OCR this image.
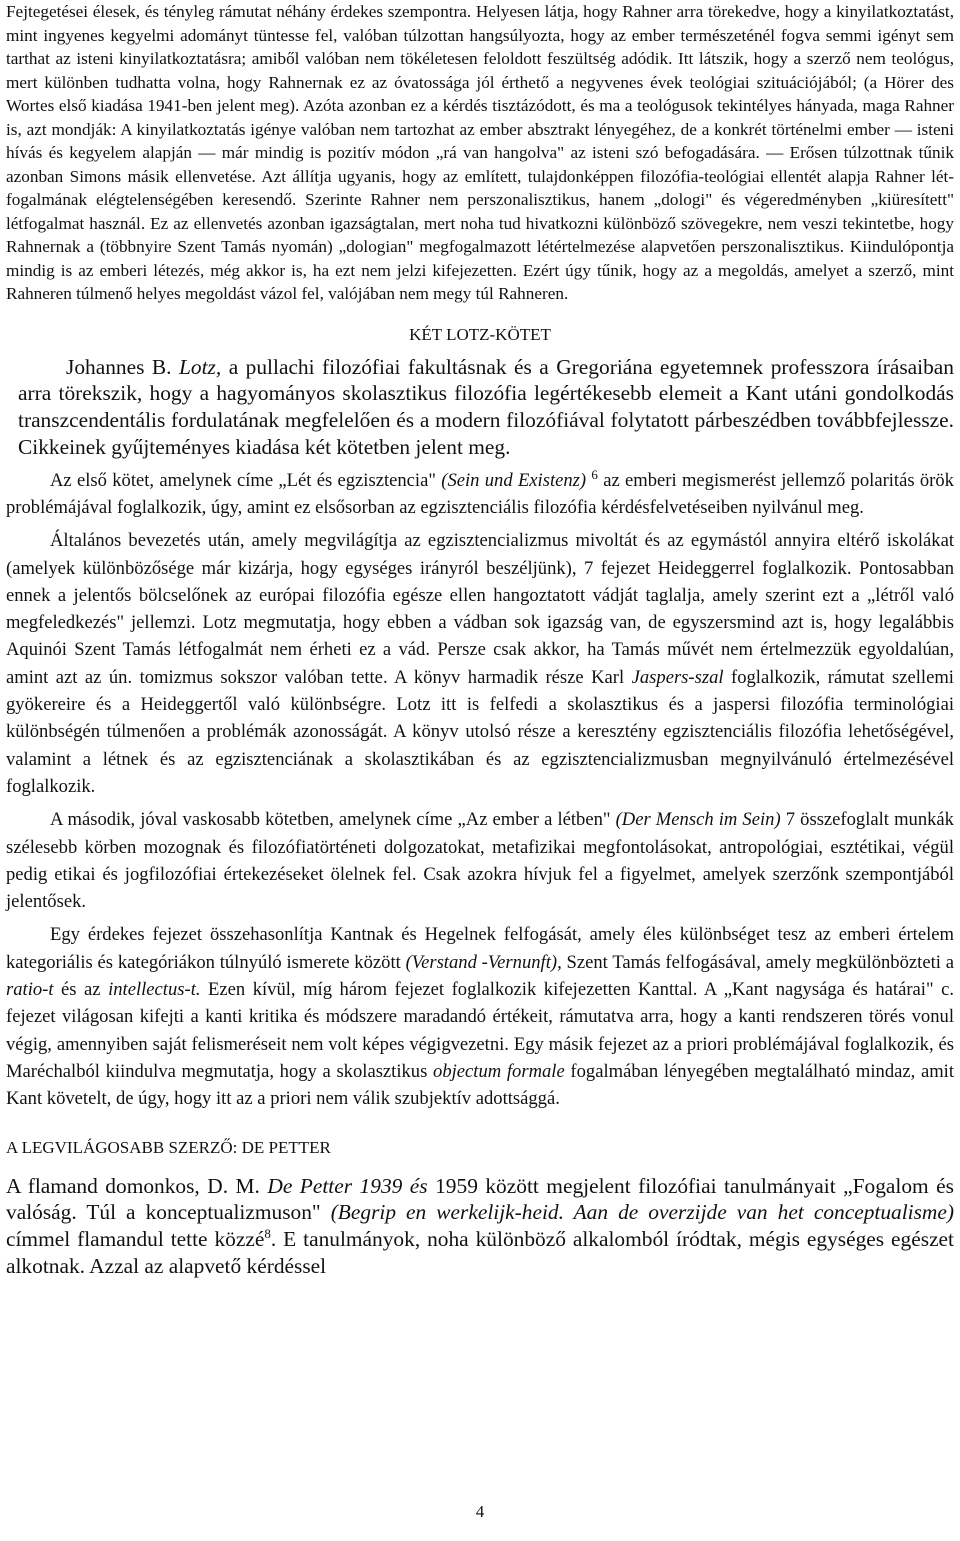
Fejtegetései élesek, és tényleg rámutat néhány érdekes szempontra. Helyesen látja, hogy Rahner arra törekedve, hogy a kinyilatkoztatást, mint ingyenes kegyelmi adományt tüntesse fel, valóban túlzottan hangsúlyozta, hogy az ember természeténél fogva semmi igényt sem tarthat az isteni kinyilatkoztatásra; amiből valóban nem tökéletesen feloldott feszültség adódik. Itt látszik, hogy a szerző nem teológus, mert különben tudhatta volna, hogy Rahnernak ez az óvatossága jól érthető a negyvenes évek teológiai szituációjából; (a Hörer des Wortes első kiadása 1941-ben jelent meg). Azóta azonban ez a kérdés tisztázódott, és ma a teológusok tekintélyes hányada, maga Rahner is, azt mondják: A kinyilatkoztatás igénye valóban nem tartozhat az ember absztrakt lényegéhez, de a konkrét történelmi ember — isteni hívás és kegyelem alapján — már mindig is pozitív módon „rá van hangolva" az isteni szó befogadására. — Erősen túlzottnak tűnik azonban Simons másik ellenvetése. Azt állítja ugyanis, hogy az említett, tulajdonképpen filozófia-teológiai ellentét alapja Rahner lét-fogalmának elégtelenségében keresendő. Szerinte Rahner nem perszonalisztikus, hanem „dologi" és végeredményben „kiüresített" létfogalmat használ. Ez az ellenvetés azonban igazságtalan, mert noha tud hivatkozni különböző szövegekre, nem veszi tekintetbe, hogy Rahnernak a (többnyire Szent Tamás nyomán) „dologian" megfogalmazott létértelmezése alapvetően perszonalisztikus. Kiindulópontja mindig is az emberi létezés, még akkor is, ha ezt nem jelzi kifejezetten. Ezért úgy tűnik, hogy az a megoldás, amelyet a szerző, mint Rahneren túlmenő helyes megoldást vázol fel, valójában nem megy túl Rahneren.

KÉT LOTZ-KÖTET

Johannes B. Lotz, a pullachi filozófiai fakultásnak és a Gregoriána egyetemnek professzora írásaiban arra törekszik, hogy a hagyományos skolasztikus filozófia legértékesebb elemeit a Kant utáni gondolkodás transzcendentális fordulatának megfelelően és a modern filozófiával folytatott párbeszédben továbbfejlessze. Cikkeinek gyűjteményes kiadása két kötetben jelent meg.

Az első kötet, amelynek címe „Lét és egzisztencia" (Sein und Existenz) $^6$ az emberi megismerést jellemző polaritás örök problémájával foglalkozik, úgy, amint ez elsősorban az egzisztenciális filozófia kérdésfelvetéseiben nyilvánul meg.

Általános bevezetés után, amely megvilágítja az egzisztencializmus mivoltát és az egymástól annyira eltérő iskolákat (amelyek különbözősége már kizárja, hogy egységes irányról beszéljünk), 7 fejezet Heideggerrel foglalkozik. Pontosabban ennek a jelentős bölcselőnek az európai filozófia egésze ellen hangoztatott vádját taglalja, amely szerint ezt a „létről való megfeledkezés" jellemzi. Lotz megmutatja, hogy ebben a vádban sok igazság van, de egyszersmind azt is, hogy legalábbis Aquinói Szent Tamás létfogalmát nem érheti ez a vád. Persze csak akkor, ha Tamás művét nem értelmezzük egyoldalúan, amint azt az ún. tomizmus sokszor valóban tette. A könyv harmadik része Karl Jaspers-szal foglalkozik, rámutat szellemi gyökereire és a Heideggertől való különbségre. Lotz itt is felfedi a skolasztikus és a jaspersi filozófia terminológiai különbségén túlmenően a problémák azonosságát. A könyv utolsó része a keresztény egzisztenciális filozófia lehetőségével, valamint a létnek és az egzisztenciának a skolasztikában és az egzisztencializmusban megnyilvánuló értelmezésével foglalkozik.

A második, jóval vaskosabb kötetben, amelynek címe „Az ember a létben" (Der Mensch im Sein) 7 összefoglalt munkák szélesebb körben mozognak és filozófiatörténeti dolgozatokat, metafizikai megfontolásokat, antropológiai, esztétikai, végül pedig etikai és jogfilozófiai értekezéseket ölelnek fel. Csak azokra hívjuk fel a figyelmet, amelyek szerzőnk szempontjából jelentősek.

Egy érdekes fejezet összehasonlítja Kantnak és Hegelnek felfogását, amely éles különbséget tesz az emberi értelem kategoriális és kategóriákon túlnyúló ismerete között (Verstand -Vernunft), Szent Tamás felfogásával, amely megkülönbözteti a ratio-t és az intellectus-t. Ezen kívül, míg három fejezet foglalkozik kifejezetten Kanttal. A „Kant nagysága és határai" c. fejezet világosan kifejti a kanti kritika és módszere maradandó értékeit, rámutatva arra, hogy a kanti rendszeren törés vonul végig, amennyiben saját felismeréseit nem volt képes végigvezetni. Egy másik fejezet az a priori problémájával foglalkozik, és Maréchalból kiindulva megmutatja, hogy a skolasztikus objectum formale fogalmában lényegében megtalálható mindaz, amit Kant követelt, de úgy, hogy itt az a priori nem válik szubjektív adottsággá.

A LEGVILÁGOSABB SZERZŐ: DE PETTER

A flamand domonkos, D. M. De Petter 1939 és 1959 között megjelent filozófiai tanulmányait „Fogalom és valóság. Túl a konceptualizmuson" (Begrip en werkelijk-heid. Aan de overzijde van het conceptualisme) címmel flamandul tette közzé$^8$. E tanulmányok, noha különböző alkalomból íródtak, mégis egységes egészet alkotnak. Azzal az alapvető kérdéssel

4
